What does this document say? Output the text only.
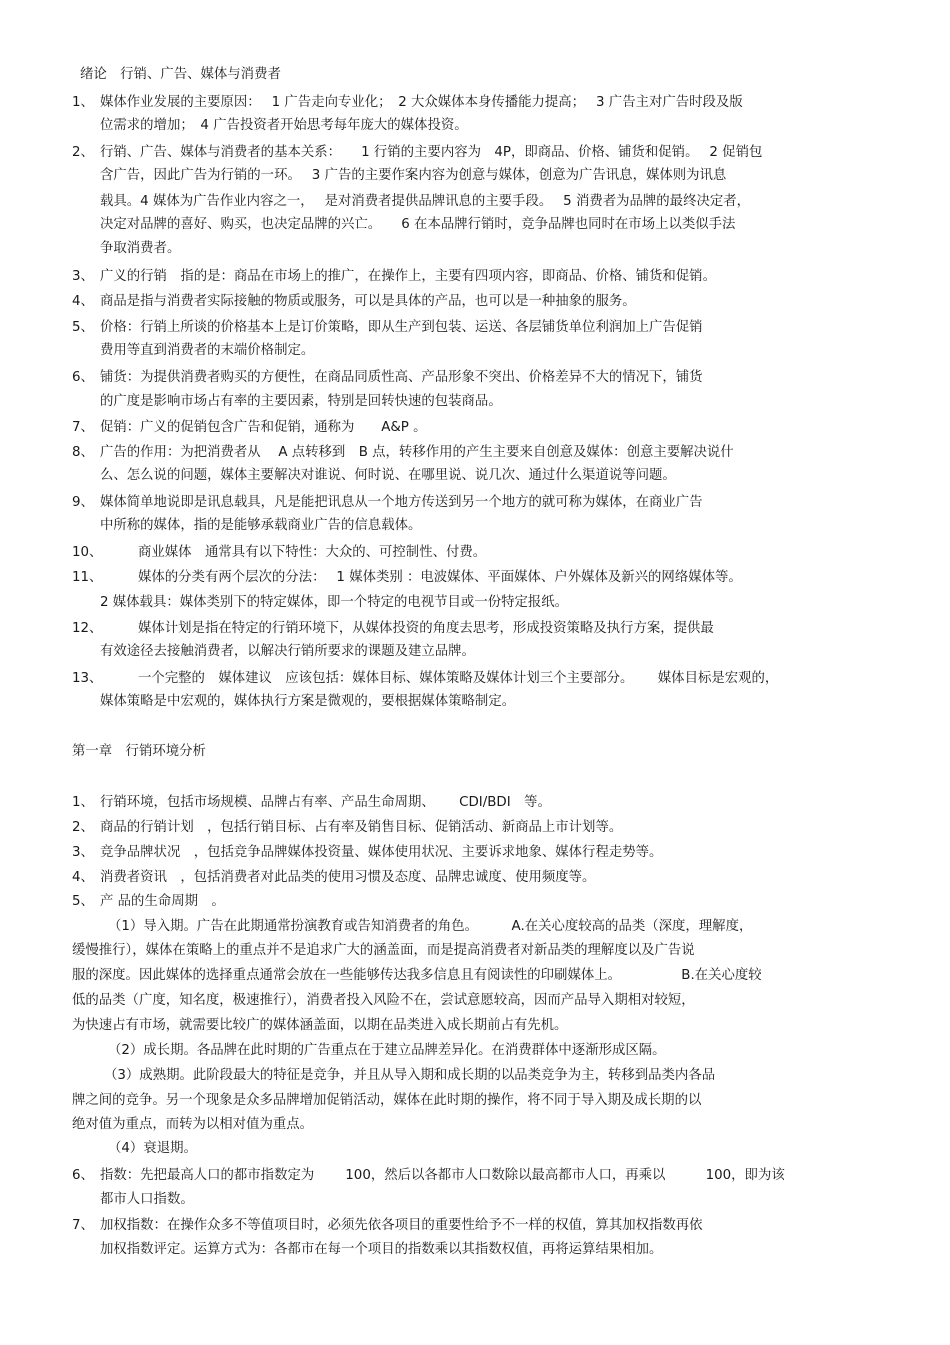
绪论　行销、广告、媒体与消费者
1、 媒体作业发展的主要原因：　 1 广告走向专业化；　2 大众媒体本身传播能力提高；　 3 广告主对广告时段及版
位需求的增加；　4 广告投资者开始思考每年庞大的媒体投资。
2、 行销、广告、媒体与消费者的基本关系：　　1 行销的主要内容为　4P，即商品、价格、铺货和促销。　 2 促销包
含广告，因此广告为行销的一环。　 3 广告的主要作案内容为创意与媒体，创意为广告讯息，媒体则为讯息
载具。4 媒体为广告作业内容之一，　 是对消费者提供品牌讯息的主要手段。　 5 消费者为品牌的最终决定者，
决定对品牌的喜好、购买，也决定品牌的兴亡。　　6 在本品牌行销时，竞争品牌也同时在市场上以类似手法
争取消费者。
3、 广义的行销　指的是：商品在市场上的推广，在操作上，主要有四项内容，即商品、价格、铺货和促销。
4、 商品是指与消费者实际接触的物质或服务，可以是具体的产品，也可以是一种抽象的服务。
5、 价格：行销上所谈的价格基本上是订价策略，即从生产到包装、运送、各层铺货单位利润加上广告促销
费用等直到消费者的末端价格制定。
6、 铺货：为提供消费者购买的方便性，在商品同质性高、产品形象不突出、价格差异不大的情况下，铺货
的广度是影响市场占有率的主要因素，特别是回转快速的包装商品。
7、 促销：广义的促销包含广告和促销，通称为　　A&P 。
8、 广告的作用：为把消费者从　 A 点转移到　B 点，转移作用的产生主要来自创意及媒体：创意主要解决说什
么、怎么说的问题，媒体主要解决对谁说、何时说、在哪里说、说几次、通过什么渠道说等问题。
9、 媒体简单地说即是讯息载具，凡是能把讯息从一个地方传送到另一个地方的就可称为媒体，在商业广告
中所称的媒体，指的是能够承载商业广告的信息载体。
10、	商业媒体　通常具有以下特性：大众的、可控制性、付费。
11、	媒体的分类有两个层次的分法：　 1 媒体类别 ：电波媒体、平面媒体、户外媒体及新兴的网络媒体等。
2 媒体载具：媒体类别下的特定媒体，即一个特定的电视节目或一份特定报纸。
12、	媒体计划是指在特定的行销环境下，从媒体投资的角度去思考，形成投资策略及执行方案，提供最
有效途径去接触消费者，以解决行销所要求的课题及建立品牌。
13、	一个完整的　媒体建议　应该包括：媒体目标、媒体策略及媒体计划三个主要部分。　　 媒体目标是宏观的，
媒体策略是中宏观的，媒体执行方案是微观的，要根据媒体策略制定。
第一章　行销环境分析
1、 行销环境，包括市场规模、品牌占有率、产品生命周期、　　 CDI/BDI　等。
2、 商品的行销计划　，包括行销目标、占有率及销售目标、促销活动、新商品上市计划等。
3、 竞争品牌状况　，包括竞争品牌媒体投资量、媒体使用状况、主要诉求地象、媒体行程走势等。
4、 消费者资讯　，包括消费者对此品类的使用习惯及态度、品牌忠诚度、使用频度等。
5、 产 品的生命周期　。
（1）导入期。广告在此期通常扮演教育或告知消费者的角色。　　　A.在关心度较高的品类（深度，理解度，
缓慢推行），媒体在策略上的重点并不是追求广大的涵盖面，而是提高消费者对新品类的理解度以及广告说
服的深度。因此媒体的选择重点通常会放在一些能够传达我多信息且有阅读性的印刷媒体上。　　　　　B.在关心度较
低的品类（广度，知名度，极速推行），消费者投入风险不在，尝试意愿较高，因而产品导入期相对较短，
为快速占有市场，就需要比较广的媒体涵盖面，以期在品类进入成长期前占有先机。
（2）成长期。各品牌在此时期的广告重点在于建立品牌差异化。在消费群体中逐渐形成区隔。
（3）成熟期。此阶段最大的特征是竞争，并且从导入期和成长期的以品类竞争为主，转移到品类内各品
牌之间的竞争。另一个现象是众多品牌增加促销活动，媒体在此时期的操作，将不同于导入期及成长期的以
绝对值为重点，而转为以相对值为重点。
（4）衰退期。
6、 指数：先把最高人口的都市指数定为　　 100，然后以各都市人口数除以最高都市人口，再乘以　　　100，即为该
都市人口指数。
7、 加权指数：在操作众多不等值项目时，必须先依各项目的重要性给予不一样的权值，算其加权指数再依
加权指数评定。运算方式为：各都市在每一个项目的指数乘以其指数权值，再将运算结果相加。
